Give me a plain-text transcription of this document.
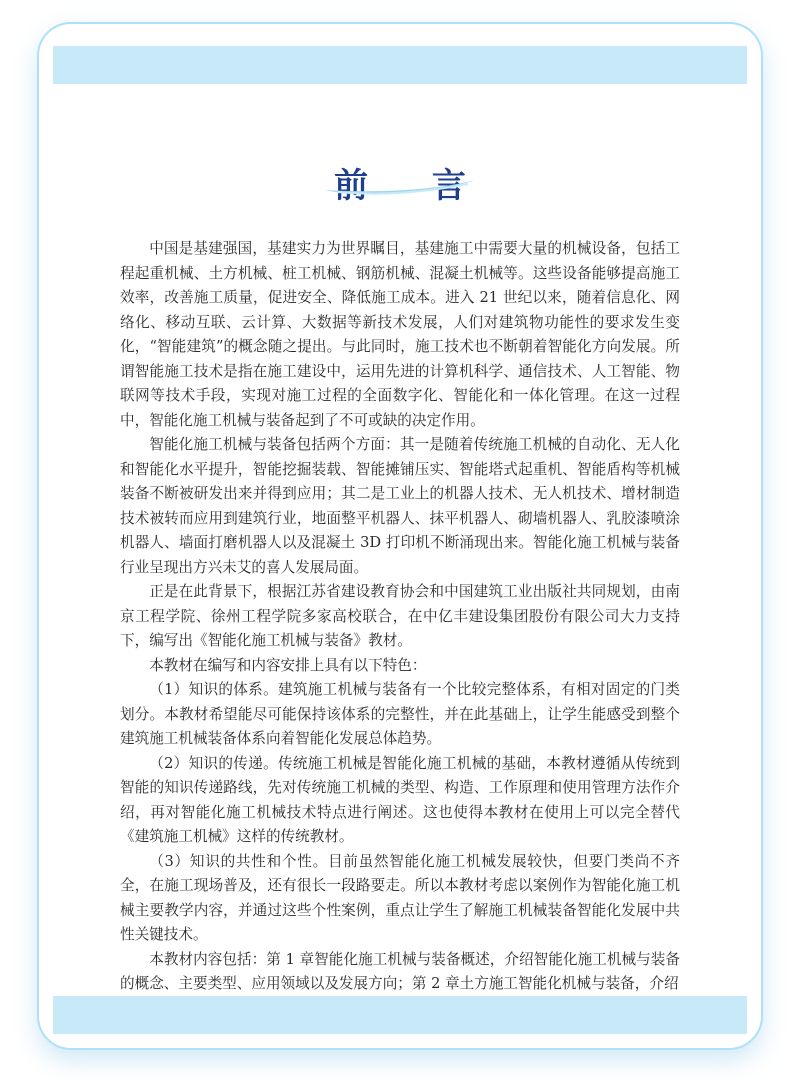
前 言

中国是基建强国，基建实力为世界瞩目，基建施工中需要大量的机械设备，包括工程起重机械、土方机械、桩工机械、钢筋机械、混凝土机械等。这些设备能够提高施工效率，改善施工质量，促进安全、降低施工成本。进入 21 世纪以来，随着信息化、网络化、移动互联、云计算、大数据等新技术发展，人们对建筑物功能性的要求发生变化，“智能建筑”的概念随之提出。与此同时，施工技术也不断朝着智能化方向发展。所谓智能施工技术是指在施工建设中，运用先进的计算机科学、通信技术、人工智能、物联网等技术手段，实现对施工过程的全面数字化、智能化和一体化管理。在这一过程中，智能化施工机械与装备起到了不可或缺的决定作用。

智能化施工机械与装备包括两个方面：其一是随着传统施工机械的自动化、无人化和智能化水平提升，智能挖掘装载、智能摊铺压实、智能塔式起重机、智能盾构等机械装备不断被研发出来并得到应用；其二是工业上的机器人技术、无人机技术、增材制造技术被转而应用到建筑行业，地面整平机器人、抹平机器人、砌墙机器人、乳胶漆喷涂机器人、墙面打磨机器人以及混凝土 3D 打印机不断涌现出来。智能化施工机械与装备行业呈现出方兴未艾的喜人发展局面。

正是在此背景下，根据江苏省建设教育协会和中国建筑工业出版社共同规划，由南京工程学院、徐州工程学院多家高校联合，在中亿丰建设集团股份有限公司大力支持下，编写出《智能化施工机械与装备》教材。

本教材在编写和内容安排上具有以下特色：

（1）知识的体系。建筑施工机械与装备有一个比较完整体系，有相对固定的门类划分。本教材希望能尽可能保持该体系的完整性，并在此基础上，让学生能感受到整个建筑施工机械装备体系向着智能化发展总体趋势。

（2）知识的传递。传统施工机械是智能化施工机械的基础，本教材遵循从传统到智能的知识传递路线，先对传统施工机械的类型、构造、工作原理和使用管理方法作介绍，再对智能化施工机械技术特点进行阐述。这也使得本教材在使用上可以完全替代《建筑施工机械》这样的传统教材。

（3）知识的共性和个性。目前虽然智能化施工机械发展较快，但要门类尚不齐全，在施工现场普及，还有很长一段路要走。所以本教材考虑以案例作为智能化施工机械主要教学内容，并通过这些个性案例，重点让学生了解施工机械装备智能化发展中共性关键技术。

本教材内容包括：第 1 章智能化施工机械与装备概述，介绍智能化施工机械与装备的概念、主要类型、应用领域以及发展方向；第 2 章土方施工智能化机械与装备，介绍
